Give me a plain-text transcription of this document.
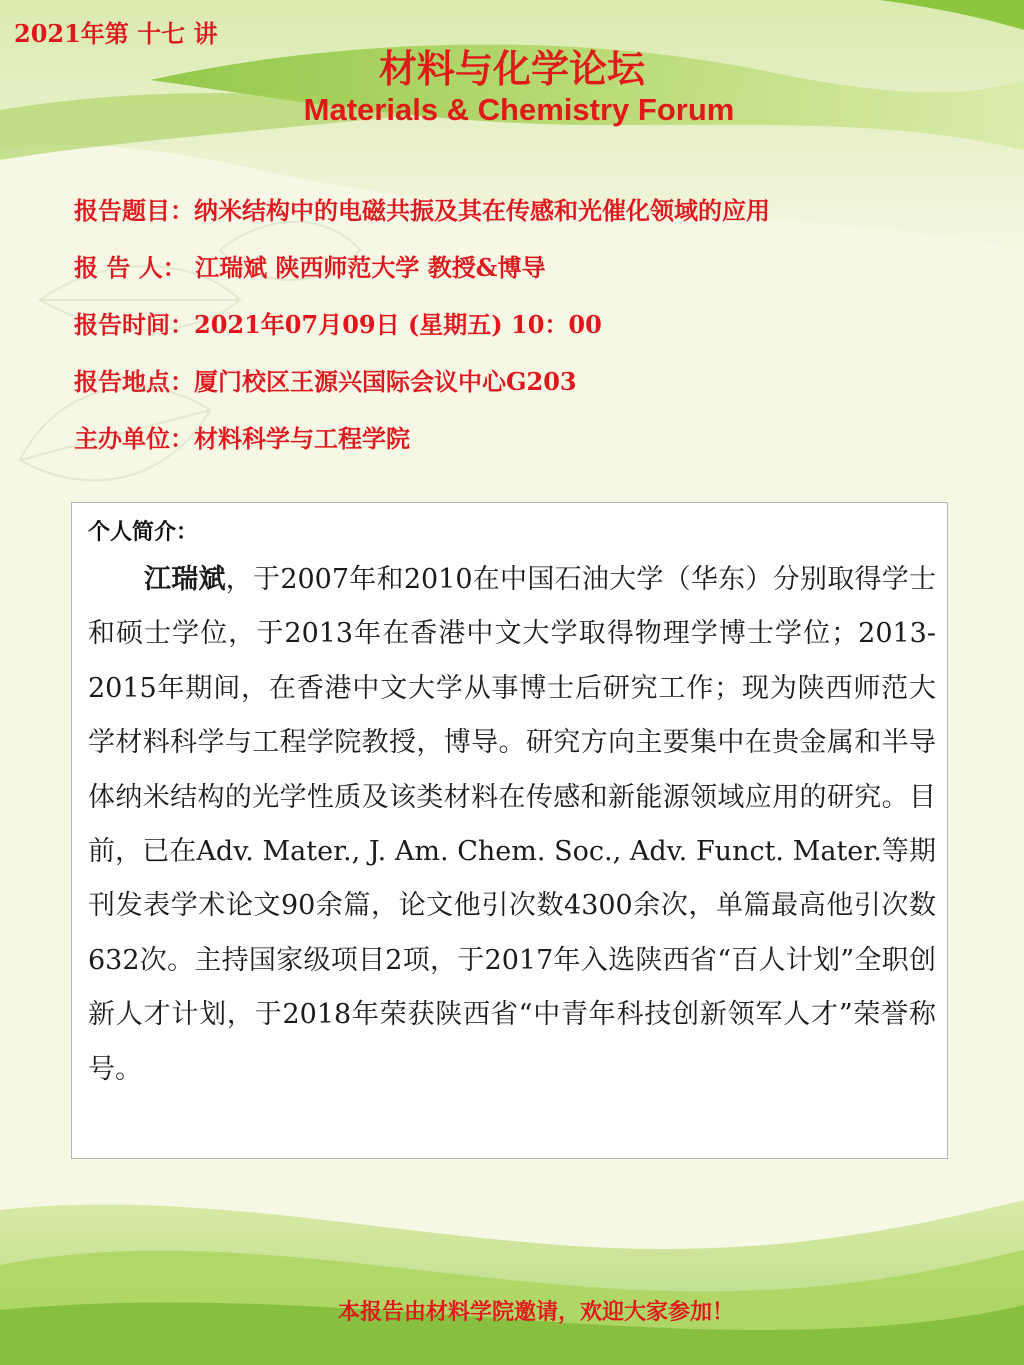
2021年第 十七 讲
材料与化学论坛
Materials & Chemistry Forum
报告题目：纳米结构中的电磁共振及其在传感和光催化领域的应用
报 告 人： 江瑞斌 陕西师范大学 教授&博导
报告时间：2021年07月09日 (星期五) 10：00
报告地点：厦门校区王源兴国际会议中心G203
主办单位：材料科学与工程学院
个人简介：

江瑞斌，于2007年和2010在中国石油大学（华东）分别取得学士和硕士学位，于2013年在香港中文大学取得物理学博士学位；2013-2015年期间，在香港中文大学从事博士后研究工作；现为陕西师范大学材料科学与工程学院教授，博导。研究方向主要集中在贵金属和半导体纳米结构的光学性质及该类材料在传感和新能源领域应用的研究。目前，已在Adv. Mater., J. Am. Chem. Soc., Adv. Funct. Mater.等期刊发表学术论文90余篇，论文他引次数4300余次，单篇最高他引次数632次。主持国家级项目2项，于2017年入选陕西省“百人计划”全职创新人才计划，于2018年荣获陕西省“中青年科技创新领军人才”荣誉称号。

本报告由材料学院邀请，欢迎大家参加！
